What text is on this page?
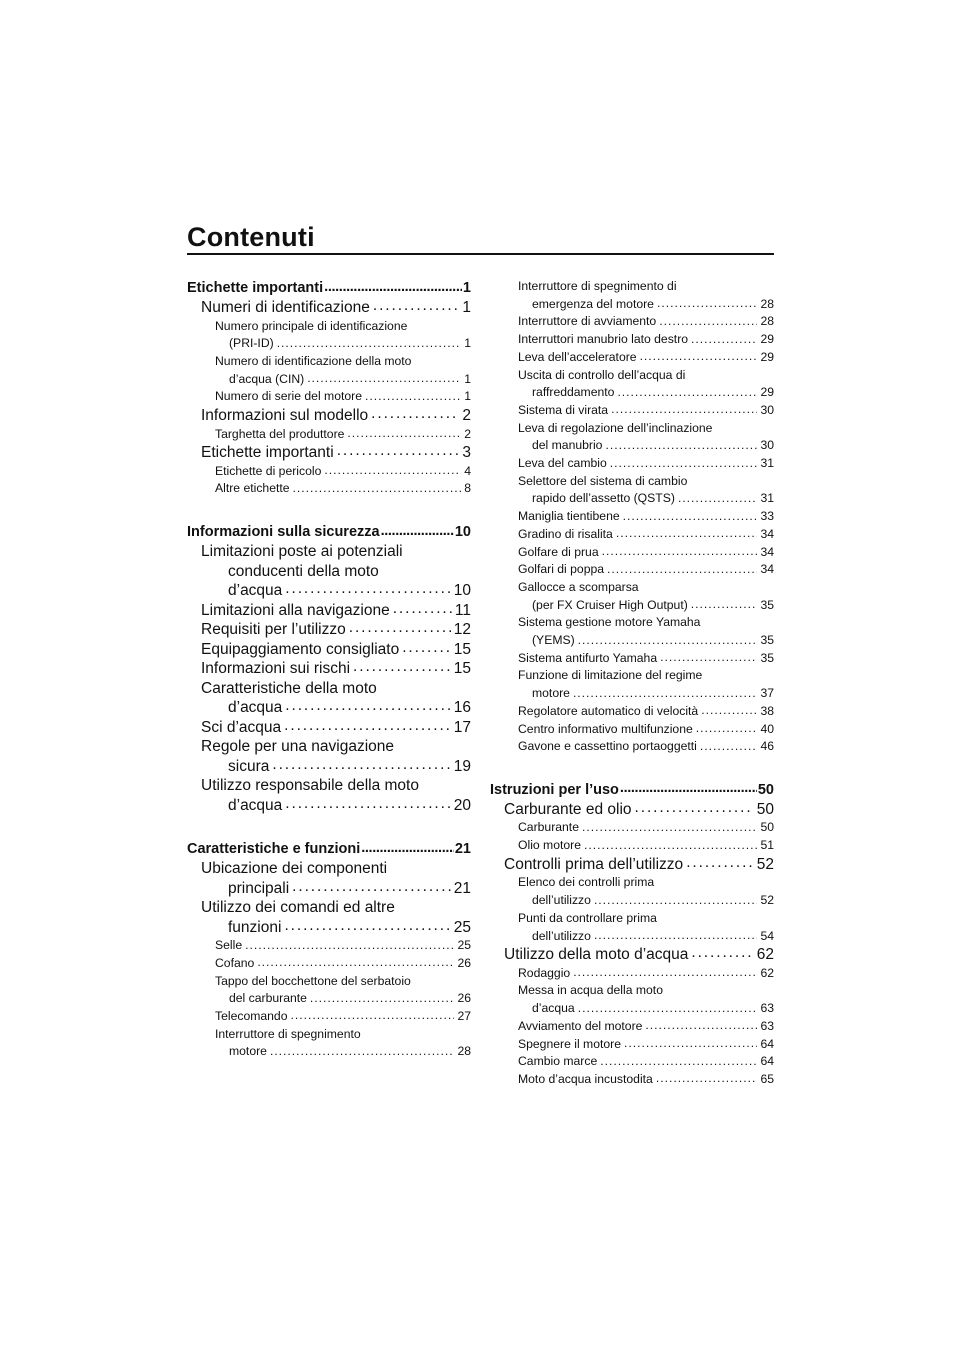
Contenuti
Etichette importanti . . .	1
Numeri di identificazione . . .	1
Numero principale di identificazione
(PRI-ID) . . .	1
Numero di identificazione della moto
d’acqua (CIN) . . .	1
Numero di serie del motore . . .	1
Informazioni sul modello . . .	2
Targhetta del produttore . . .	2
Etichette importanti . . .	3
Etichette di pericolo . . .	4
Altre etichette . . .	8
Informazioni sulla sicurezza . . .	10
Limitazioni poste ai potenziali
conducenti della moto
d’acqua . . .	10
Limitazioni alla navigazione . . .	11
Requisiti per l’utilizzo . . .	12
Equipaggiamento consigliato . . .	15
Informazioni sui rischi . . .	15
Caratteristiche della moto
d’acqua . . .	16
Sci d’acqua . . .	17
Regole per una navigazione
sicura . . .	19
Utilizzo responsabile della moto
d’acqua . . .	20
Caratteristiche e funzioni . . .	21
Ubicazione dei componenti
principali . . .	21
Utilizzo dei comandi ed altre
funzioni . . .	25
Selle . . .	25
Cofano . . .	26
Tappo del bocchettone del serbatoio
del carburante . . .	26
Telecomando . . .	27
Interruttore di spegnimento
motore . . .	28
Interruttore di spegnimento di
emergenza del motore . . .	28
Interruttore di avviamento . . .	28
Interruttori manubrio lato destro . . .	29
Leva dell’acceleratore . . .	29
Uscita di controllo dell’acqua di
raffreddamento . . .	29
Sistema di virata . . .	30
Leva di regolazione dell’inclinazione
del manubrio . . .	30
Leva del cambio . . .	31
Selettore del sistema di cambio
rapido dell’assetto (QSTS) . . .	31
Maniglia tientibene . . .	33
Gradino di risalita . . .	34
Golfare di prua . . .	34
Golfari di poppa . . .	34
Gallocce a scomparsa
(per FX Cruiser High Output) . . .	35
Sistema gestione motore Yamaha
(YEMS) . . .	35
Sistema antifurto Yamaha . . .	35
Funzione di limitazione del regime
motore . . .	37
Regolatore automatico di velocità . . .	38
Centro informativo multifunzione . . .	40
Gavone e cassettino portaoggetti . . .	46
Istruzioni per l’uso . . .	50
Carburante ed olio . . .	50
Carburante . . .	50
Olio motore . . .	51
Controlli prima dell’utilizzo . . .	52
Elenco dei controlli prima
dell’utilizzo . . .	52
Punti da controllare prima
dell’utilizzo . . .	54
Utilizzo della moto d’acqua . . .	62
Rodaggio . . .	62
Messa in acqua della moto
d’acqua . . .	63
Avviamento del motore . . .	63
Spegnere il motore . . .	64
Cambio marce . . .	64
Moto d’acqua incustodita . . .	65
